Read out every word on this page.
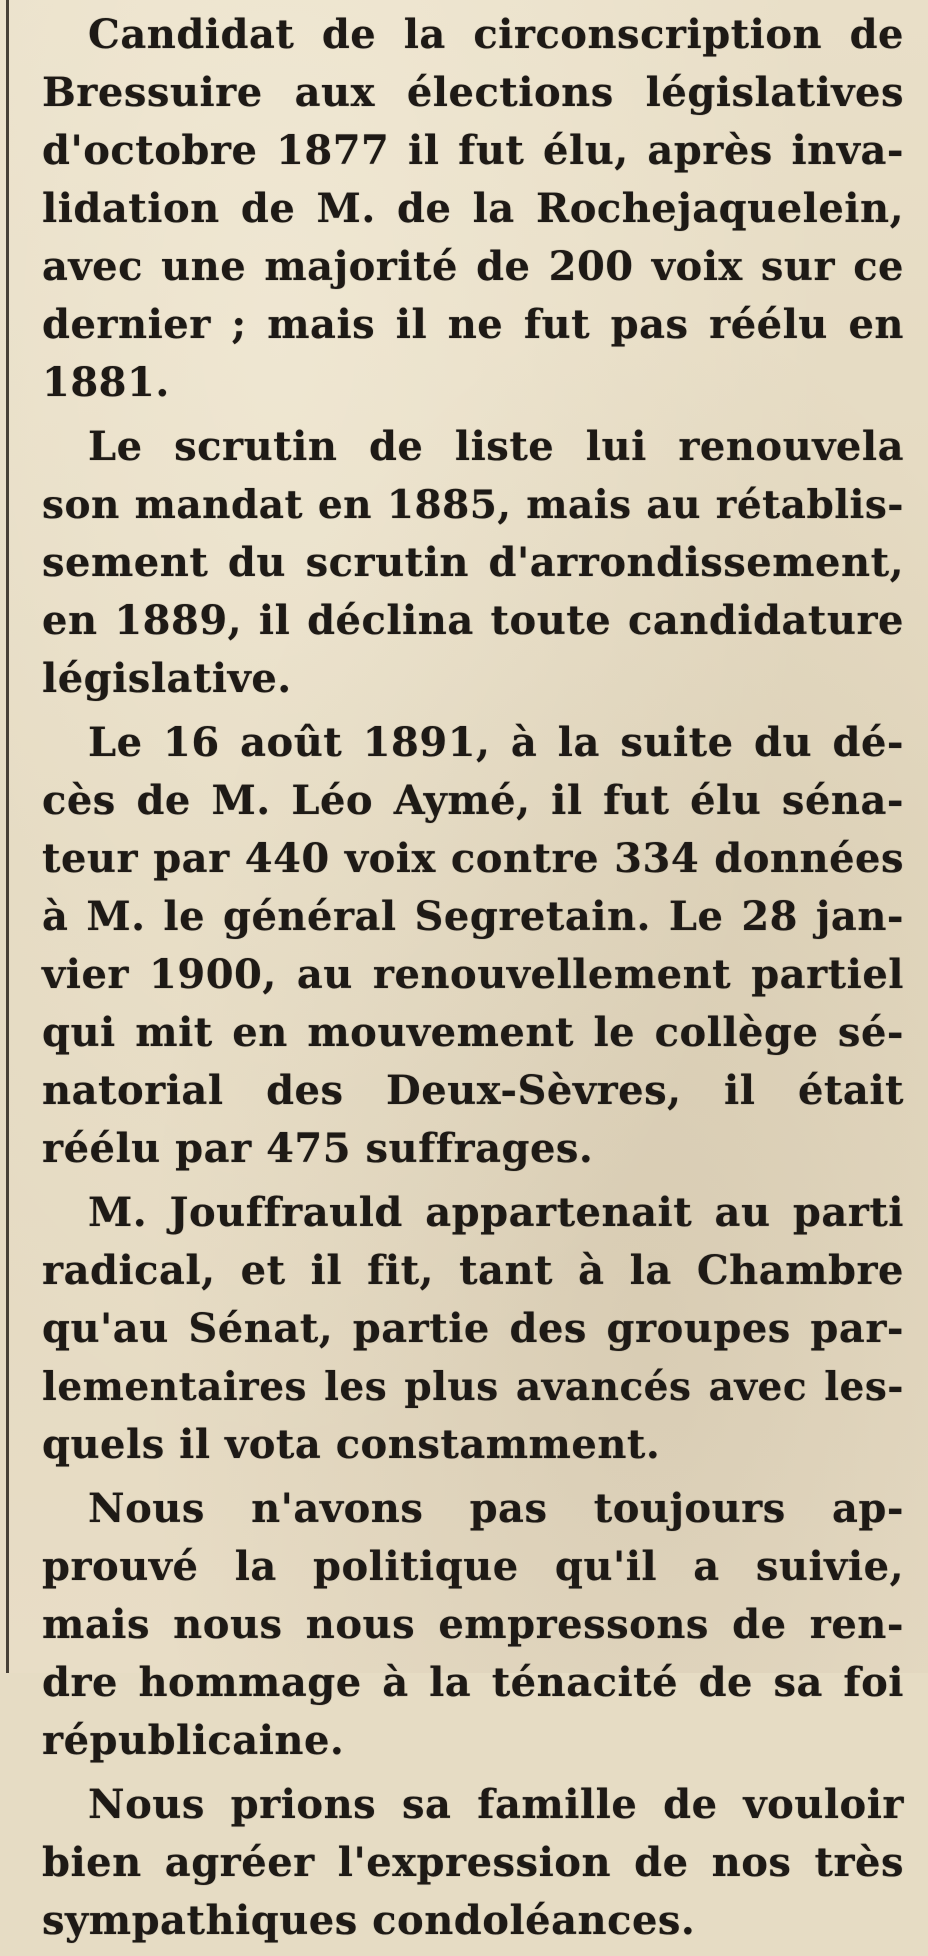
Candidat de la circonscription de
Bressuire aux élections législatives
d'octobre 1877 il fut élu, après inva-
lidation de M. de la Rochejaquelein,
avec une majorité de 200 voix sur ce
dernier ; mais il ne fut pas réélu en
1881.
Le scrutin de liste lui renouvela
son mandat en 1885, mais au rétablis-
sement du scrutin d'arrondissement,
en 1889, il déclina toute candidature
législative.
Le 16 août 1891, à la suite du dé-
cès de M. Léo Aymé, il fut élu séna-
teur par 440 voix contre 334 données
à M. le général Segretain. Le 28 jan-
vier 1900, au renouvellement partiel
qui mit en mouvement le collège sé-
natorial des Deux-Sèvres, il était
réélu par 475 suffrages.
M. Jouffrauld appartenait au parti
radical, et il fit, tant à la Chambre
qu'au Sénat, partie des groupes par-
lementaires les plus avancés avec les-
quels il vota constamment.
Nous n'avons pas toujours ap-
prouvé la politique qu'il a suivie,
mais nous nous empressons de ren-
dre hommage à la ténacité de sa foi
républicaine.
Nous prions sa famille de vouloir
bien agréer l'expression de nos très
sympathiques condoléances.
